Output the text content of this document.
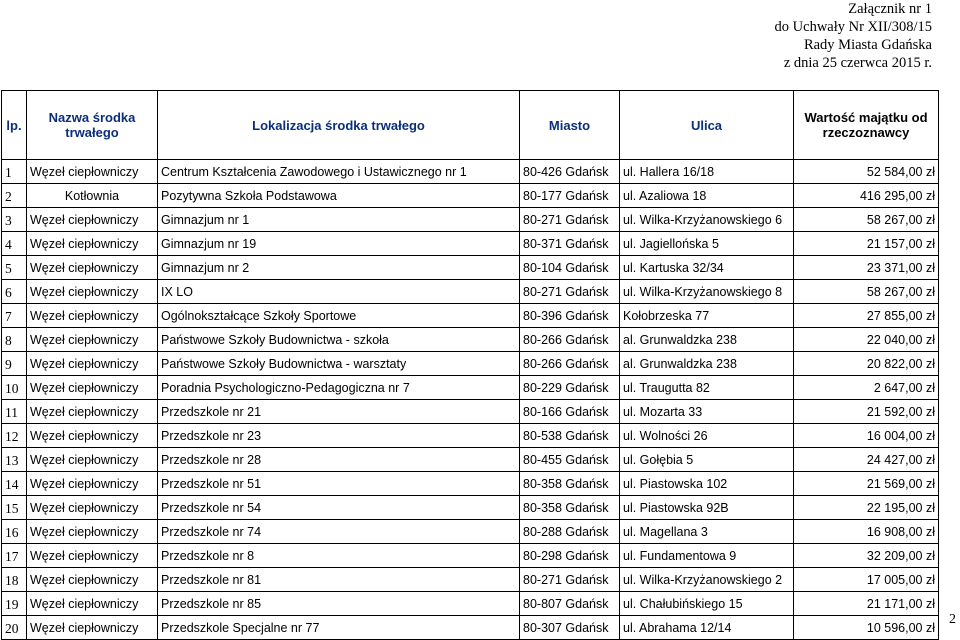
Załącznik nr 1
do Uchwały Nr XII/308/15
Rady Miasta Gdańska
z dnia 25 czerwca 2015 r.
lp.	Nazwa środka trwałego	Lokalizacja środka trwałego	Miasto	Ulica	Wartość majątku od rzeczoznawcy
1	Węzeł ciepłowniczy	Centrum Kształcenia Zawodowego i Ustawicznego nr 1	80-426 Gdańsk	ul. Hallera 16/18	52 584,00 zł
2	Kotłownia	Pozytywna Szkoła Podstawowa	80-177 Gdańsk	ul. Azaliowa 18	416 295,00 zł
3	Węzeł ciepłowniczy	Gimnazjum nr 1	80-271 Gdańsk	ul. Wilka-Krzyżanowskiego 6	58 267,00 zł
4	Węzeł ciepłowniczy	Gimnazjum nr 19	80-371 Gdańsk	ul. Jagiellońska 5	21 157,00 zł
5	Węzeł ciepłowniczy	Gimnazjum nr 2	80-104 Gdańsk	ul. Kartuska 32/34	23 371,00 zł
6	Węzeł ciepłowniczy	IX LO	80-271 Gdańsk	ul. Wilka-Krzyżanowskiego 8	58 267,00 zł
7	Węzeł ciepłowniczy	Ogólnokształcące Szkoły Sportowe	80-396 Gdańsk	Kołobrzeska 77	27 855,00 zł
8	Węzeł ciepłowniczy	Państwowe Szkoły Budownictwa - szkoła	80-266 Gdańsk	al. Grunwaldzka 238	22 040,00 zł
9	Węzeł ciepłowniczy	Państwowe Szkoły Budownictwa - warsztaty	80-266 Gdańsk	al. Grunwaldzka 238	20 822,00 zł
10	Węzeł ciepłowniczy	Poradnia Psychologiczno-Pedagogiczna nr 7	80-229 Gdańsk	ul. Traugutta 82	2 647,00 zł
11	Węzeł ciepłowniczy	Przedszkole nr 21	80-166 Gdańsk	ul. Mozarta 33	21 592,00 zł
12	Węzeł ciepłowniczy	Przedszkole nr 23	80-538 Gdańsk	ul. Wolności 26	16 004,00 zł
13	Węzeł ciepłowniczy	Przedszkole nr 28	80-455 Gdańsk	ul. Gołębia 5	24 427,00 zł
14	Węzeł ciepłowniczy	Przedszkole nr 51	80-358 Gdańsk	ul. Piastowska 102	21 569,00 zł
15	Węzeł ciepłowniczy	Przedszkole nr 54	80-358 Gdańsk	ul. Piastowska 92B	22 195,00 zł
16	Węzeł ciepłowniczy	Przedszkole nr 74	80-288 Gdańsk	ul. Magellana 3	16 908,00 zł
17	Węzeł ciepłowniczy	Przedszkole nr 8	80-298 Gdańsk	ul. Fundamentowa 9	32 209,00 zł
18	Węzeł ciepłowniczy	Przedszkole nr 81	80-271 Gdańsk	ul. Wilka-Krzyżanowskiego 2	17 005,00 zł
19	Węzeł ciepłowniczy	Przedszkole nr 85	80-807 Gdańsk	ul. Chałubińskiego 15	21 171,00 zł
20	Węzeł ciepłowniczy	Przedszkole Specjalne nr 77	80-307 Gdańsk	ul. Abrahama 12/14	10 596,00 zł
2
